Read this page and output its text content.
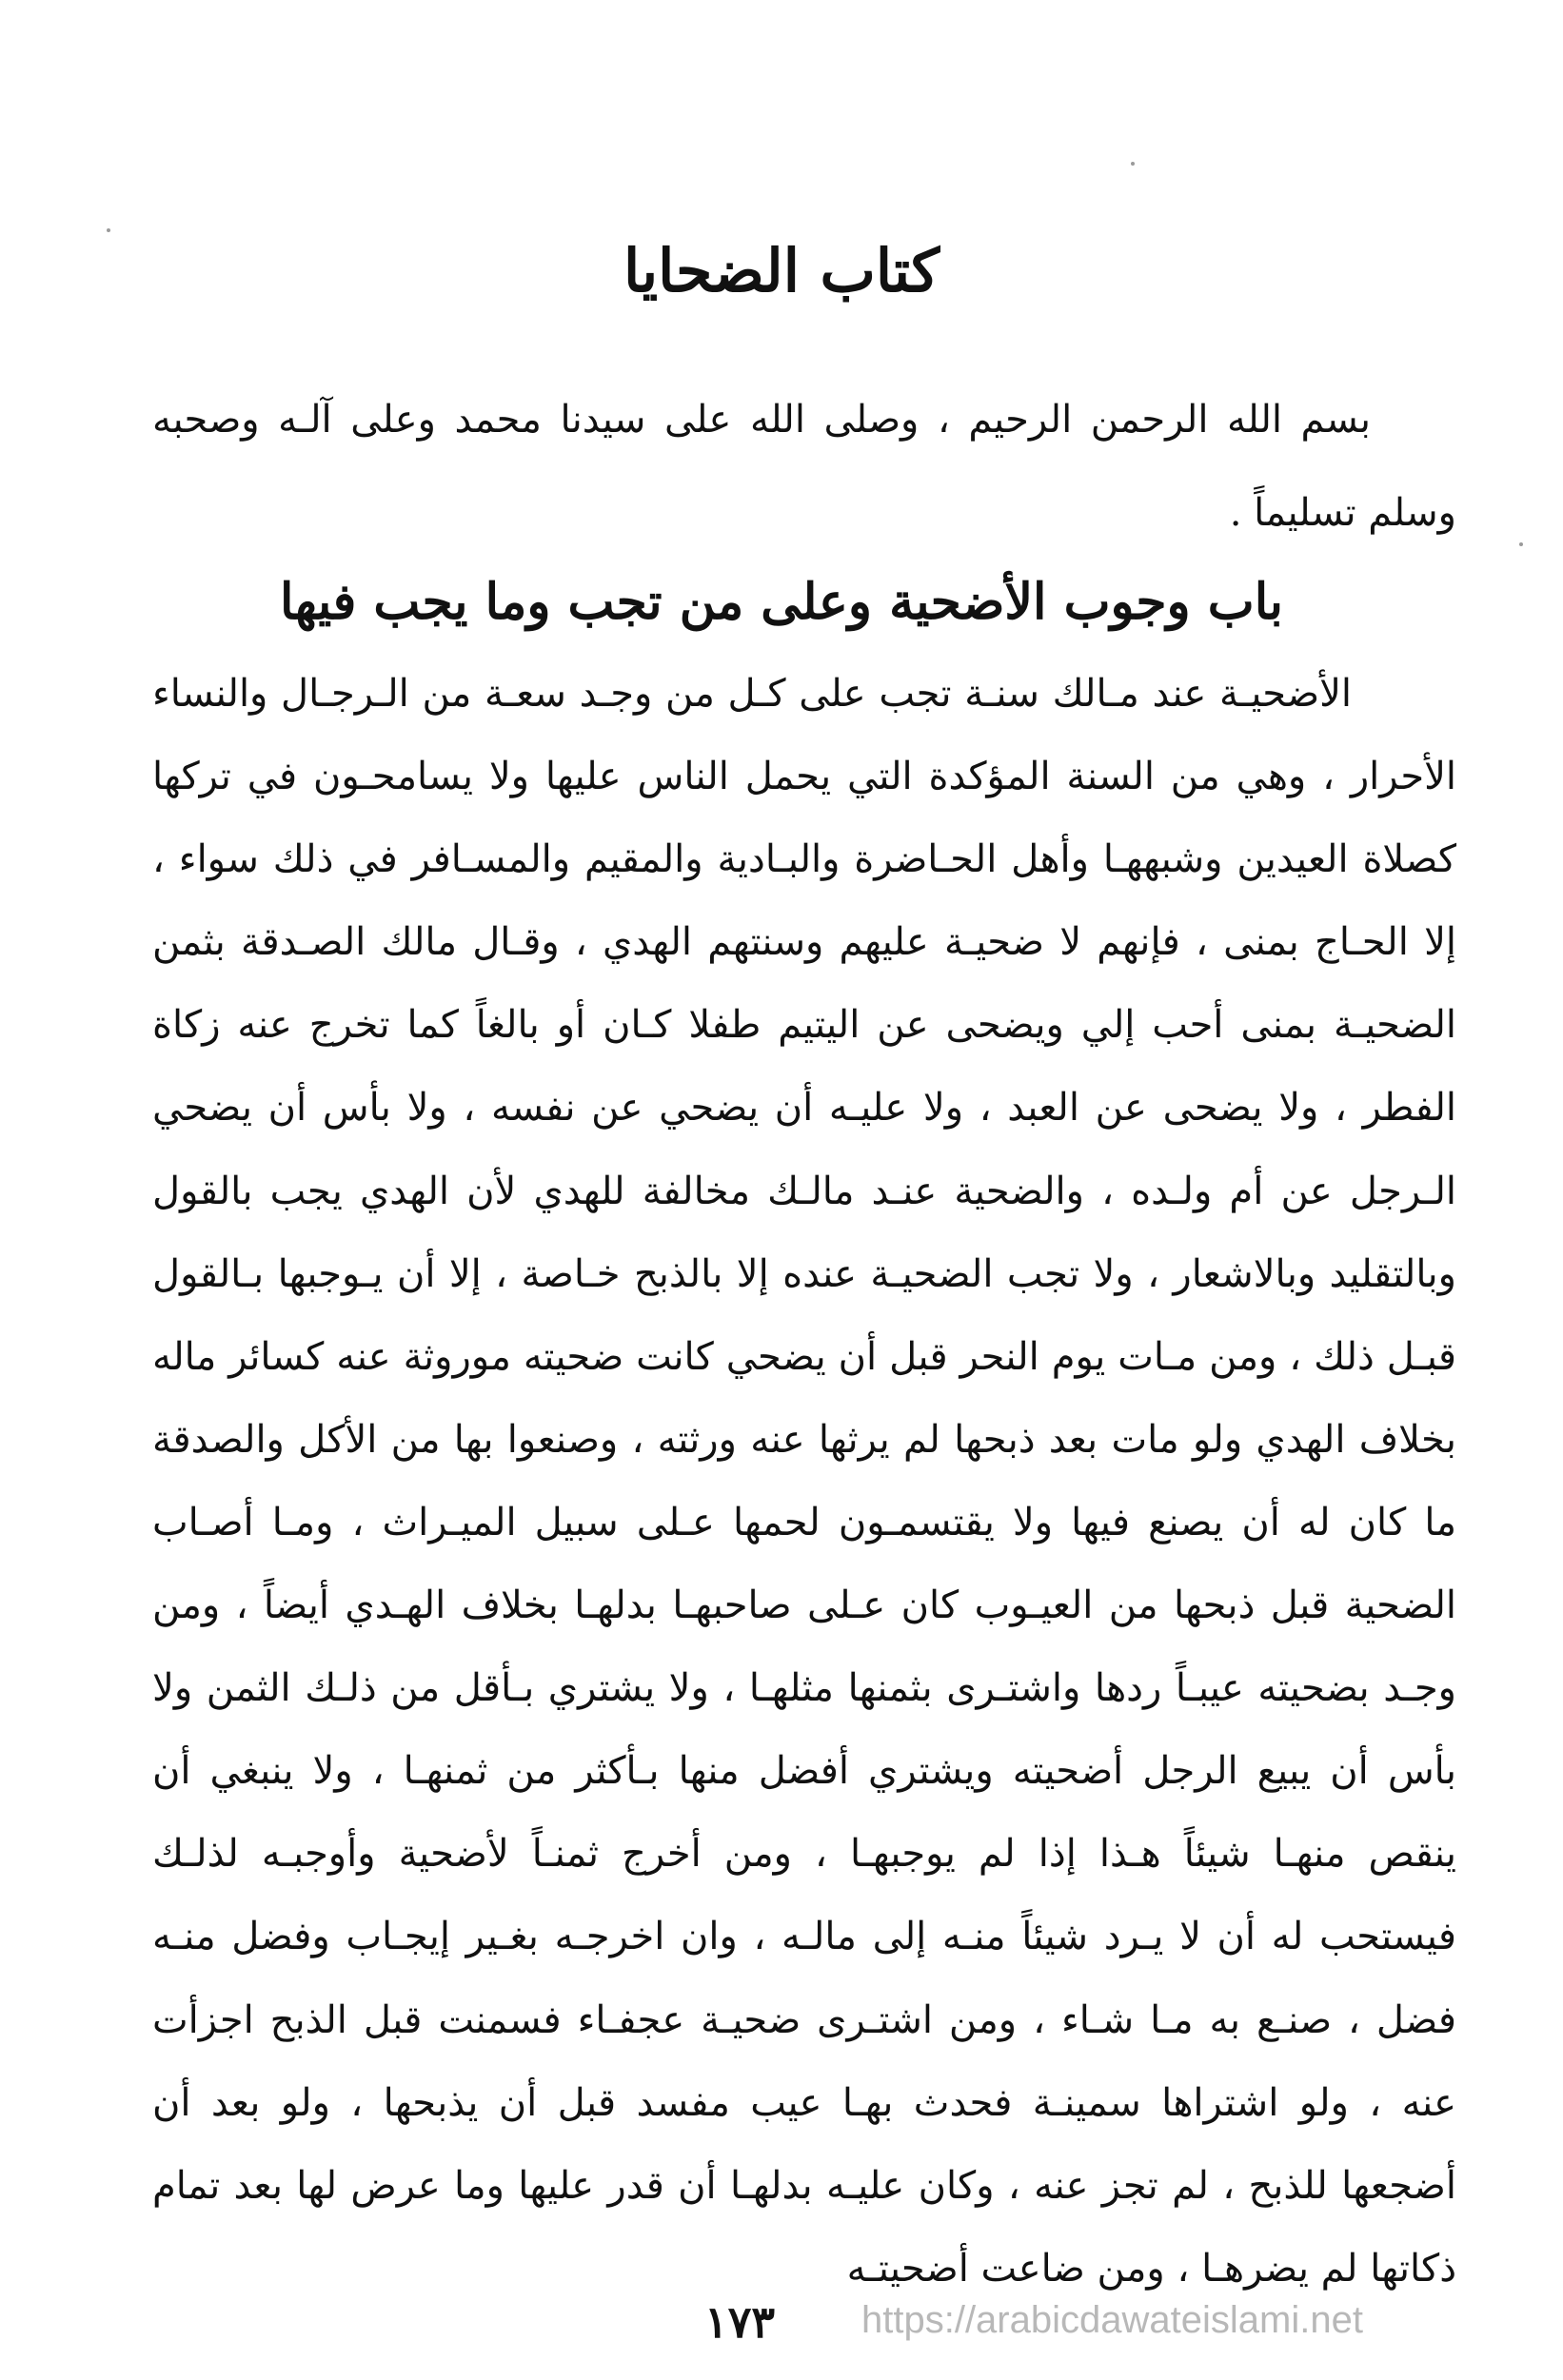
كتاب الضحايا
بسم الله الرحمن الرحيم ، وصلى الله على سيدنا محمد وعلى آلـه وصحبه وسلم تسليماً .
باب وجوب الأضحية وعلى من تجب وما يجب فيها
الأضحيـة عند مـالك سنـة تجب على كـل من وجـد سعـة من الـرجـال والنساء الأحرار ، وهي من السنة المؤكدة التي يحمل الناس عليها ولا يسامحـون في تركها كصلاة العيدين وشبههـا وأهل الحـاضرة والبـادية والمقيم والمسـافر في ذلك سواء ، إلا الحـاج بمنى ، فإنهم لا ضحيـة عليهم وسنتهم الهدي ، وقـال مالك الصـدقة بثمن الضحيـة بمنى أحب إلي ويضحى عن اليتيم طفلا كـان أو بالغاً كما تخرج عنه زكاة الفطر ، ولا يضحى عن العبد ، ولا عليـه أن يضحي عن نفسه ، ولا بأس أن يضحي الـرجل عن أم ولـده ، والضحية عنـد مالـك مخالفة للهدي لأن الهدي يجب بالقول وبالتقليد وبالاشعار ، ولا تجب الضحيـة عنده إلا بالذبح خـاصة ، إلا أن يـوجبها بـالقول قبـل ذلك ، ومن مـات يوم النحر قبل أن يضحي كانت ضحيته موروثة عنه كسائر ماله بخلاف الهدي ولو مات بعد ذبحها لم يرثها عنه ورثته ، وصنعوا بها من الأكل والصدقة ما كان له أن يصنع فيها ولا يقتسمـون لحمها عـلى سبيل الميـراث ، ومـا أصـاب الضحية قبل ذبحها من العيـوب كان عـلى صاحبهـا بدلهـا بخلاف الهـدي أيضاً ، ومن وجـد بضحيته عيبـاً ردها واشتـرى بثمنها مثلهـا ، ولا يشتري بـأقل من ذلـك الثمن ولا بأس أن يبيع الرجل أضحيته ويشتري أفضل منها بـأكثر من ثمنهـا ، ولا ينبغي أن ينقص منهـا شيئاً هـذا إذا لم يوجبهـا ، ومن أخرج ثمنـاً لأضحية وأوجبـه لذلـك فيستحب له أن لا يـرد شيئاً منـه إلى مالـه ، وان اخرجـه بغـير إيجـاب وفضل منـه فضل ، صنـع به مـا شـاء ، ومن اشتـرى ضحيـة عجفـاء فسمنت قبل الذبح اجزأت عنه ، ولو اشتراها سمينـة فحدث بهـا عيب مفسد قبل أن يذبحها ، ولو بعد أن أضجعها للذبح ، لم تجز عنه ، وكان عليـه بدلهـا أن قدر عليها وما عرض لها بعد تمام ذكاتها لم يضرهـا ، ومن ضاعت أضحيتـه
١٧٣ https://arabicdawateislami.net
